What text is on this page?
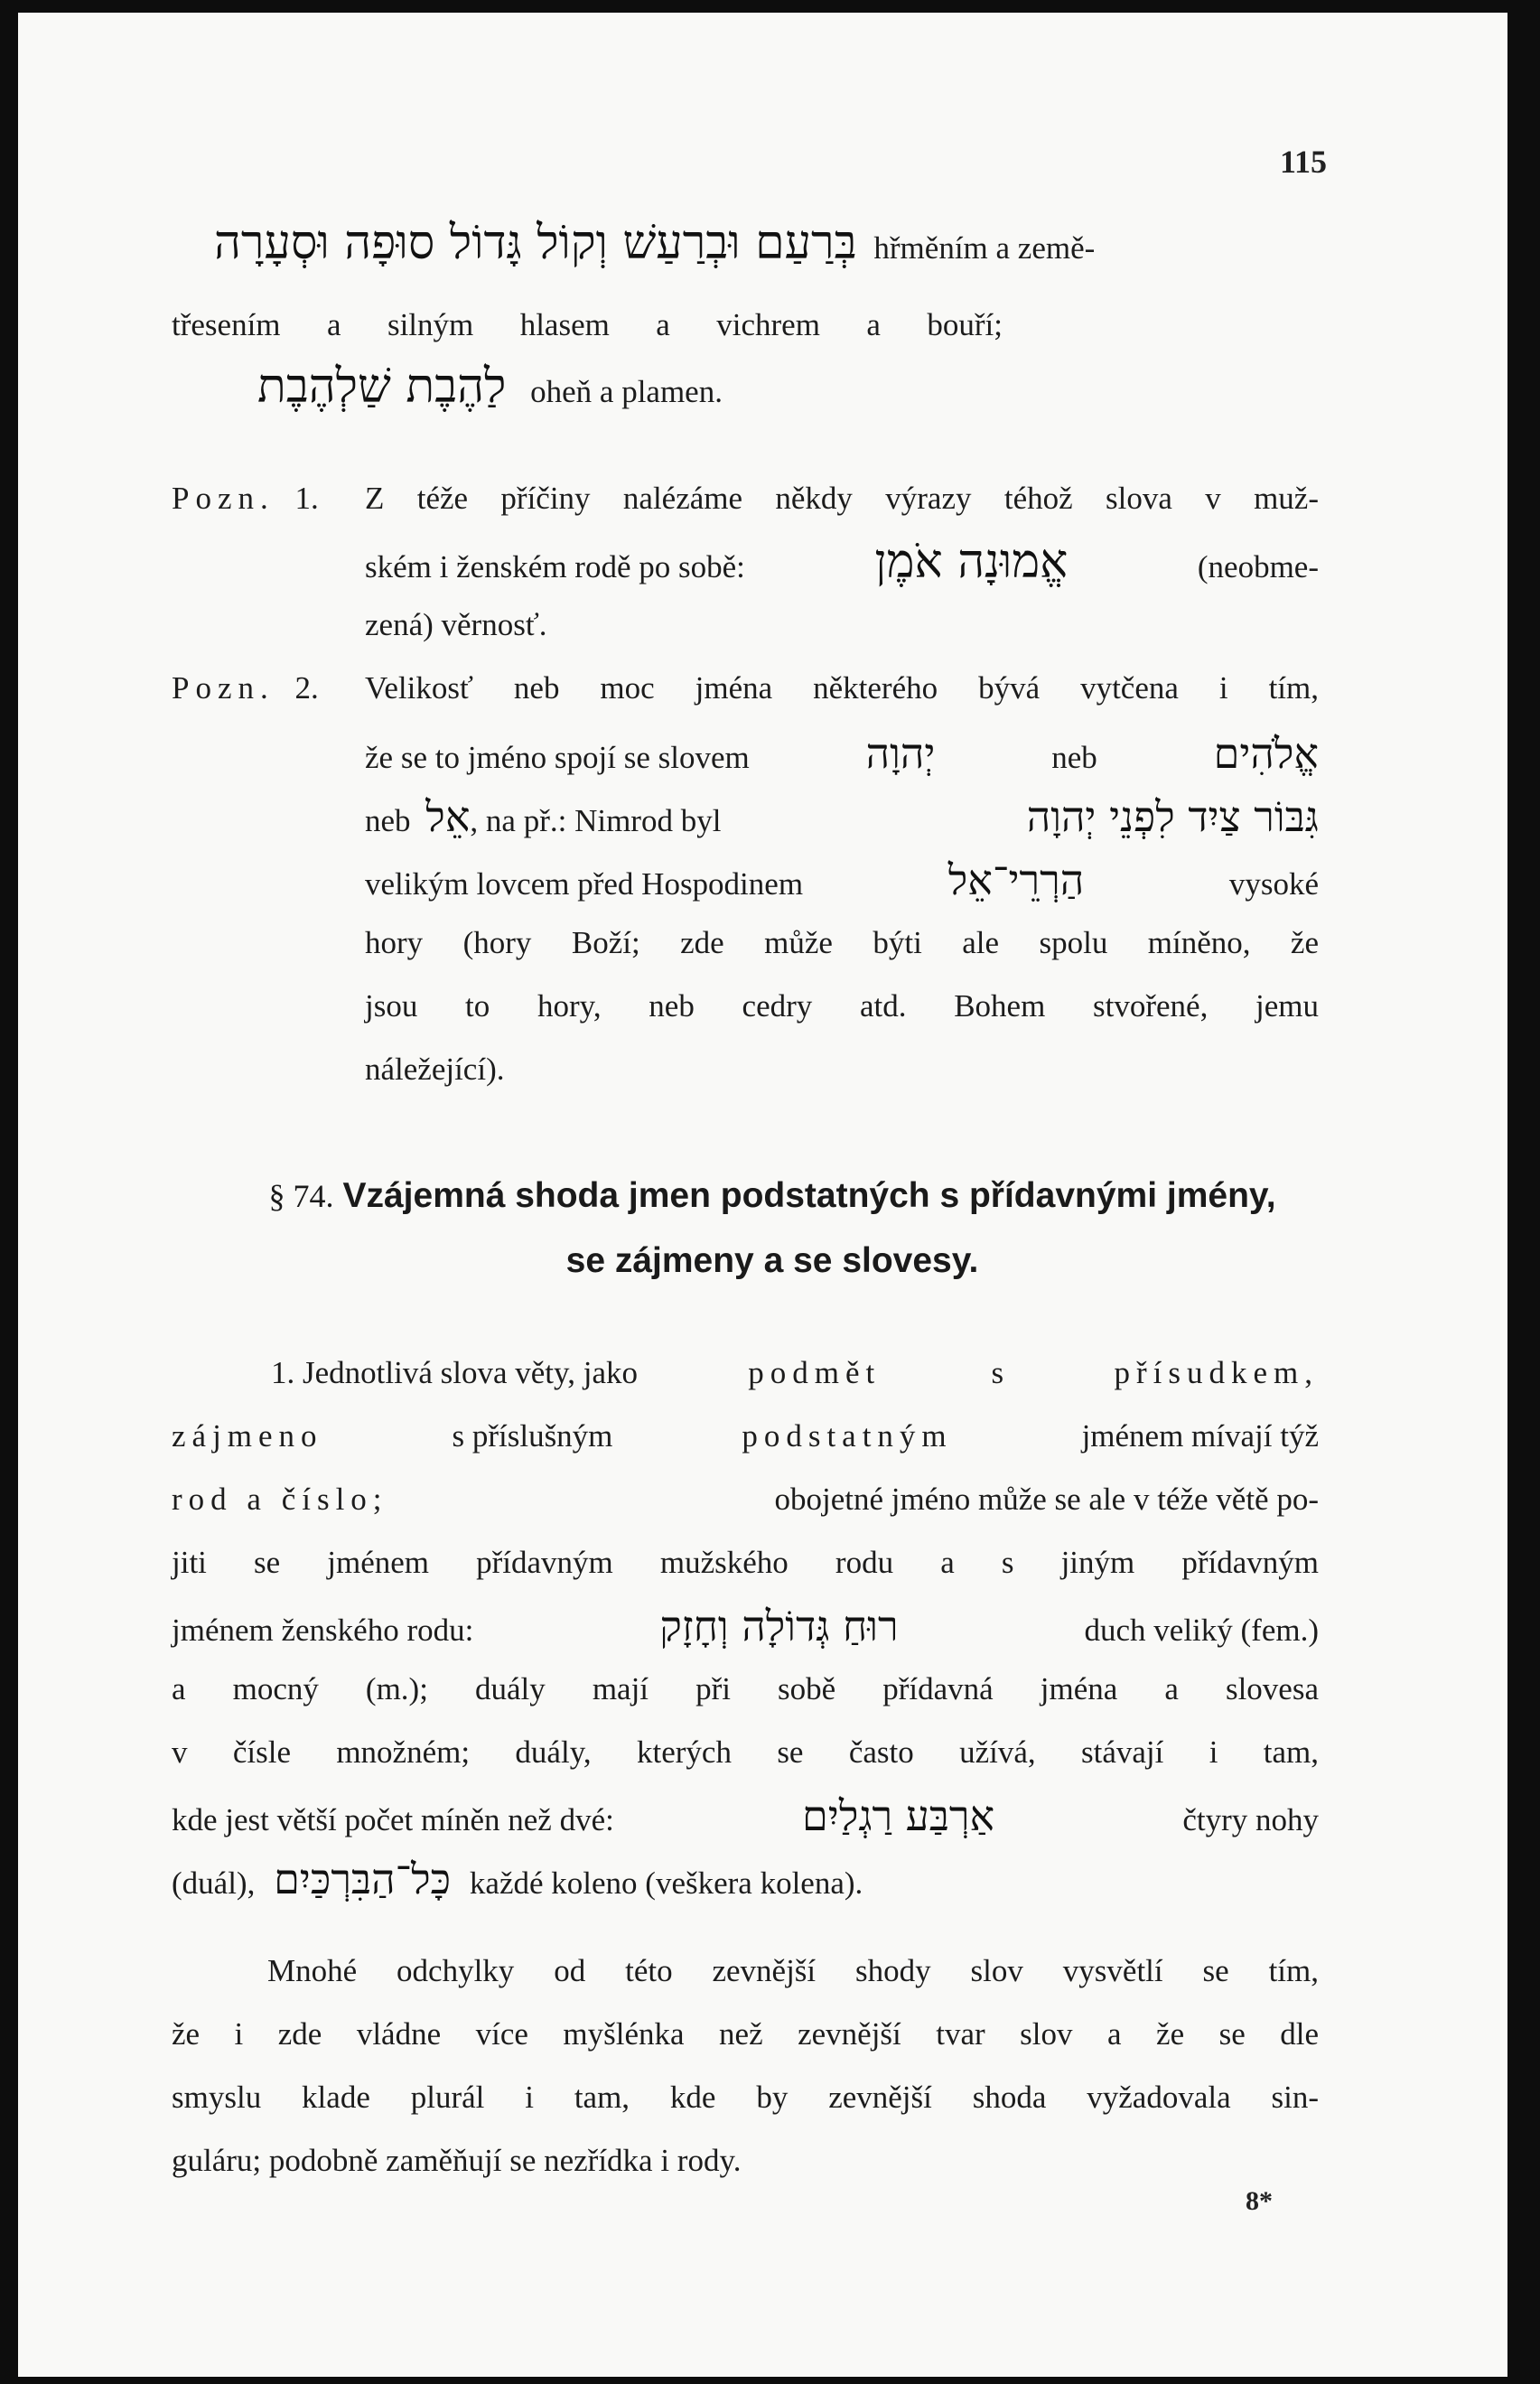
115
בְּרַעַם וּבְרַעַשׁ וְקוֹל גָּדוֹל סוּפָה וּסְעָרָה hřměním a země-
třesením a silným hlasem a vichrem a bouří;
לַהֶבֶת שַׁלְהֶבֶת oheň a plamen.
Pozn. 1. Z téže příčiny nalézáme někdy výrazy téhož slova v muž-
ském i ženském rodě po sobě:	אֱמוּנָה אֹמֶן	(neobme-
zená) věrnosť.
Pozn. 2. Velikosť neb moc jména některého bývá vytčena i tím,
že se to jméno spojí se slovem	יְהוָה	neb	אֱלֹהִים
neb אֵל, na př.: Nimrod byl	גִּבּוֹר צַיִד לִפְנֵי יְהוָה
velikým lovcem před Hospodinem	הַרְרֵי־אֵל	vysoké
hory (hory Boží; zde může býti ale spolu míněno, že
jsou to hory, neb cedry atd. Bohem stvořené, jemu
náležející).
§ 74. Vzájemná shoda jmen podstatných s přídavnými jmény,
se zájmeny a se slovesy.
1. Jednotlivá slova věty, jako	podmět	s	přísudkem,
zájmeno	s příslušným	podstatným	jménem mívají týž
rod a číslo;	obojetné jméno může se ale v téže větě po-
jiti se jménem přídavným mužského rodu a s jiným přídavným
jménem ženského rodu:	רוּחַ גְּדוֹלָה וְחָזָק	duch veliký (fem.)
a mocný (m.); duály mají při sobě přídavná jména a slovesa
v čísle množném; duály, kterých se často užívá, stávají i tam,
kde jest větší počet míněn než dvé:	אַרְבַּע רַגְלַיִם	čtyry nohy
(duál), כָּל־הַבִּרְכַּיִם každé koleno (veškera kolena).
Mnohé odchylky od této zevnější shody slov vysvětlí se tím,
že i zde vládne více myšlénka než zevnější tvar slov a že se dle
smyslu klade plurál i tam, kde by zevnější shoda vyžadovala sin-
guláru; podobně zaměňují se nezřídka i rody.
8*
